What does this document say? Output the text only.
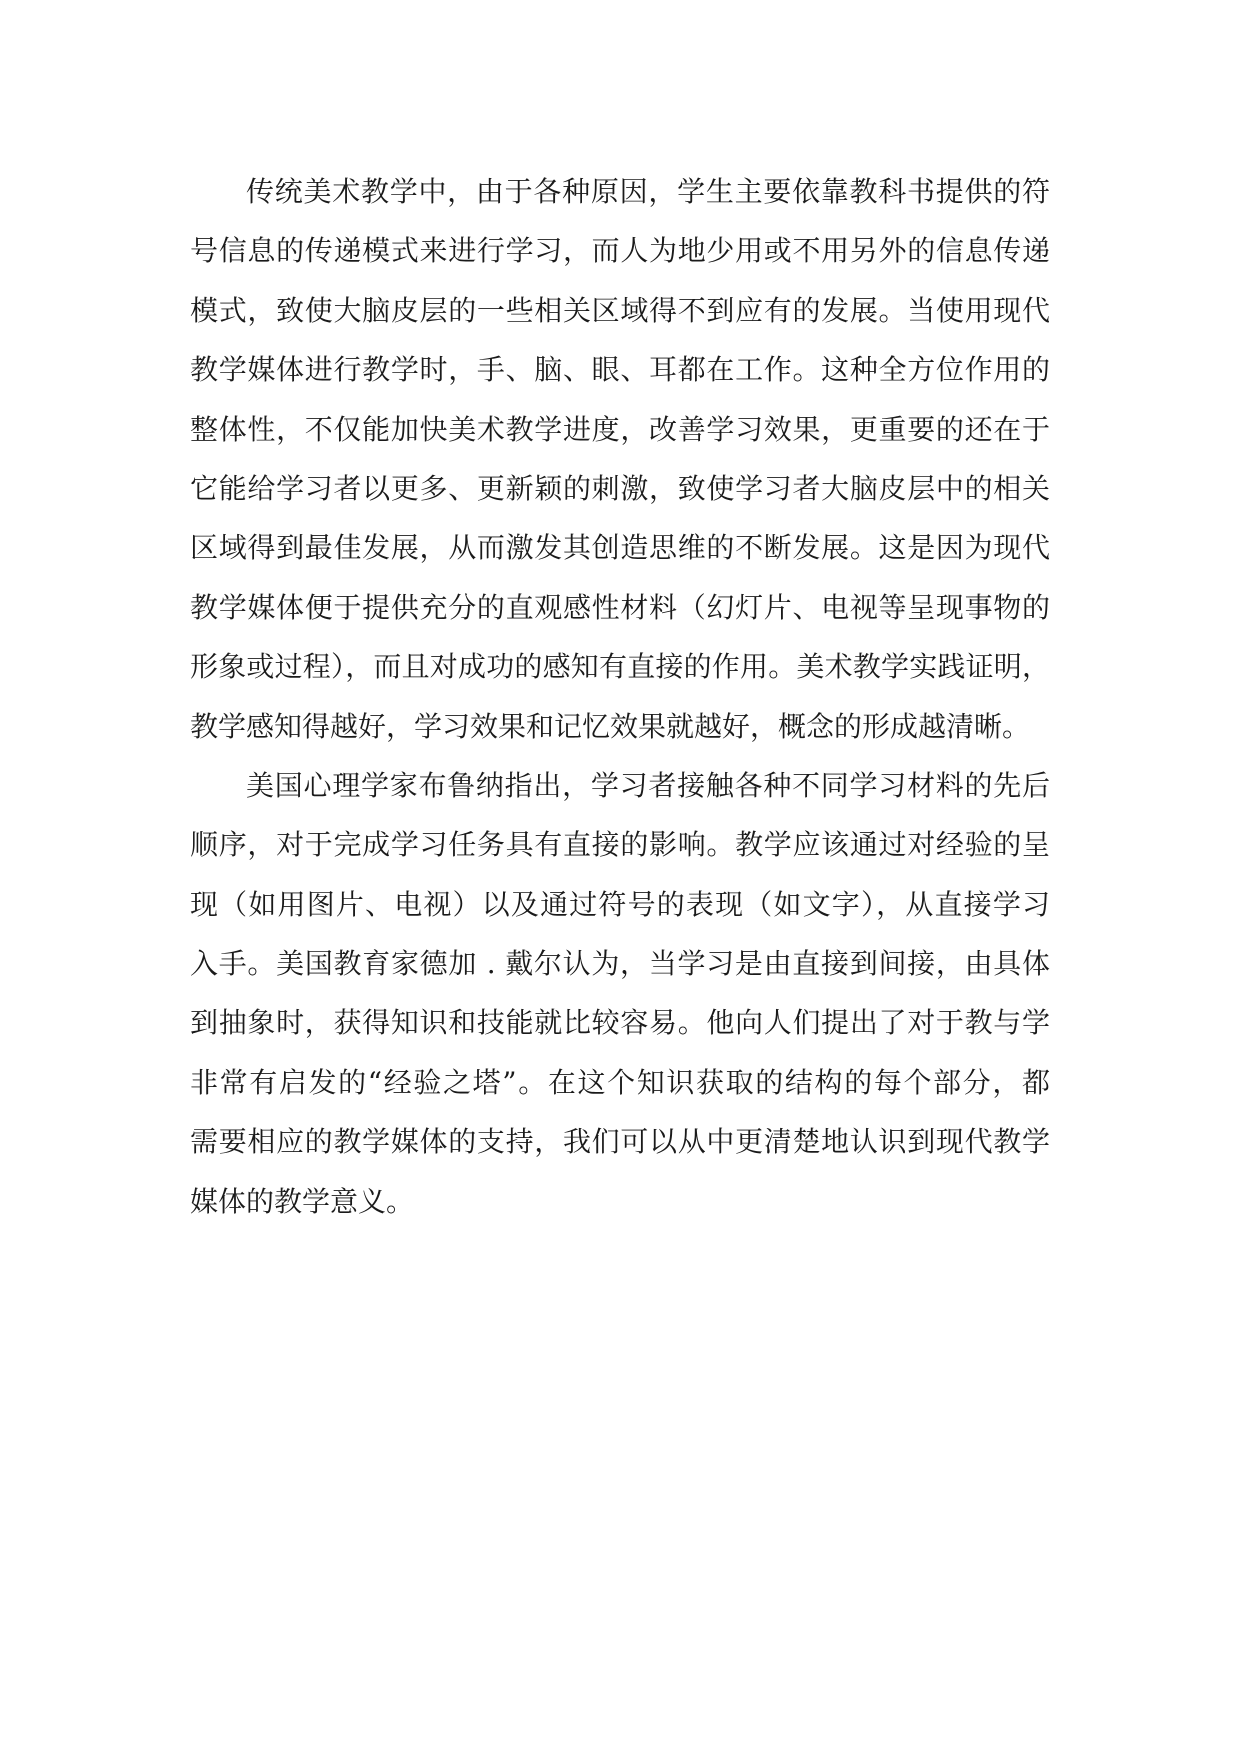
传统美术教学中，由于各种原因，学生主要依靠教科书提供的符
号信息的传递模式来进行学习，而人为地少用或不用另外的信息传递
模式，致使大脑皮层的一些相关区域得不到应有的发展。当使用现代
教学媒体进行教学时，手、脑、眼、耳都在工作。这种全方位作用的
整体性，不仅能加快美术教学进度，改善学习效果，更重要的还在于
它能给学习者以更多、更新颖的刺激，致使学习者大脑皮层中的相关
区域得到最佳发展，从而激发其创造思维的不断发展。这是因为现代
教学媒体便于提供充分的直观感性材料（幻灯片、电视等呈现事物的
形象或过程），而且对成功的感知有直接的作用。美术教学实践证明，
教学感知得越好，学习效果和记忆效果就越好，概念的形成越清晰。
美国心理学家布鲁纳指出，学习者接触各种不同学习材料的先后
顺序，对于完成学习任务具有直接的影响。教学应该通过对经验的呈
现（如用图片、电视）以及通过符号的表现（如文字），从直接学习
入手。美国教育家德加 . 戴尔认为，当学习是由直接到间接，由具体
到抽象时，获得知识和技能就比较容易。他向人们提出了对于教与学
非常有启发的“经验之塔”。在这个知识获取的结构的每个部分，都
需要相应的教学媒体的支持，我们可以从中更清楚地认识到现代教学
媒体的教学意义。
